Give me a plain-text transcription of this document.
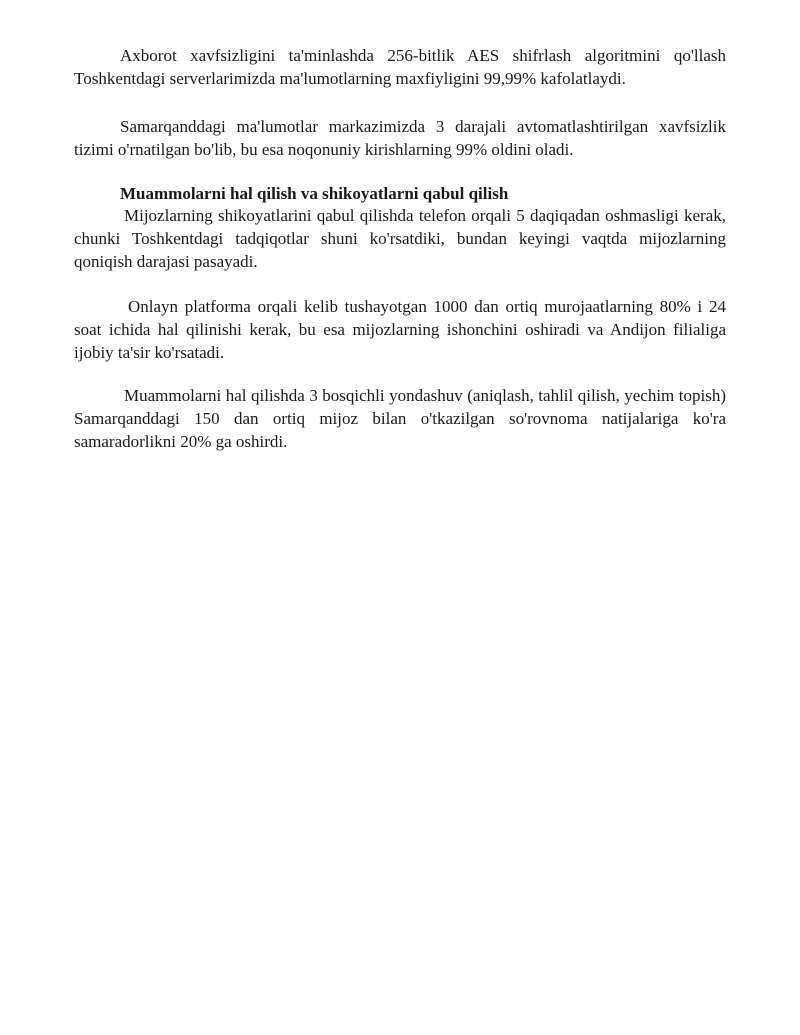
Axborot xavfsizligini ta'minlashda 256-bitlik AES shifrlash algoritmini qo'llash Toshkentdagi serverlarimizda ma'lumotlarning maxfiyligini 99,99% kafolatlaydi.

Samarqanddagi ma'lumotlar markazimizda 3 darajali avtomatlashtirilgan xavfsizlik tizimi o'rnatilgan bo'lib, bu esa noqonuniy kirishlarning 99% oldini oladi.

Muammolarni hal qilish va shikoyatlarni qabul qilish

Mijozlarning shikoyatlarini qabul qilishda telefon orqali 5 daqiqadan oshmasligi kerak, chunki Toshkentdagi tadqiqotlar shuni ko'rsatdiki, bundan keyingi vaqtda mijozlarning qoniqish darajasi pasayadi.

Onlayn platforma orqali kelib tushayotgan 1000 dan ortiq murojaatlarning 80% i 24 soat ichida hal qilinishi kerak, bu esa mijozlarning ishonchini oshiradi va Andijon filialiga ijobiy ta'sir ko'rsatadi.

Muammolarni hal qilishda 3 bosqichli yondashuv (aniqlash, tahlil qilish, yechim topish) Samarqanddagi 150 dan ortiq mijoz bilan o'tkazilgan so'rovnoma natijalariga ko'ra samaradorlikni 20% ga oshirdi.
